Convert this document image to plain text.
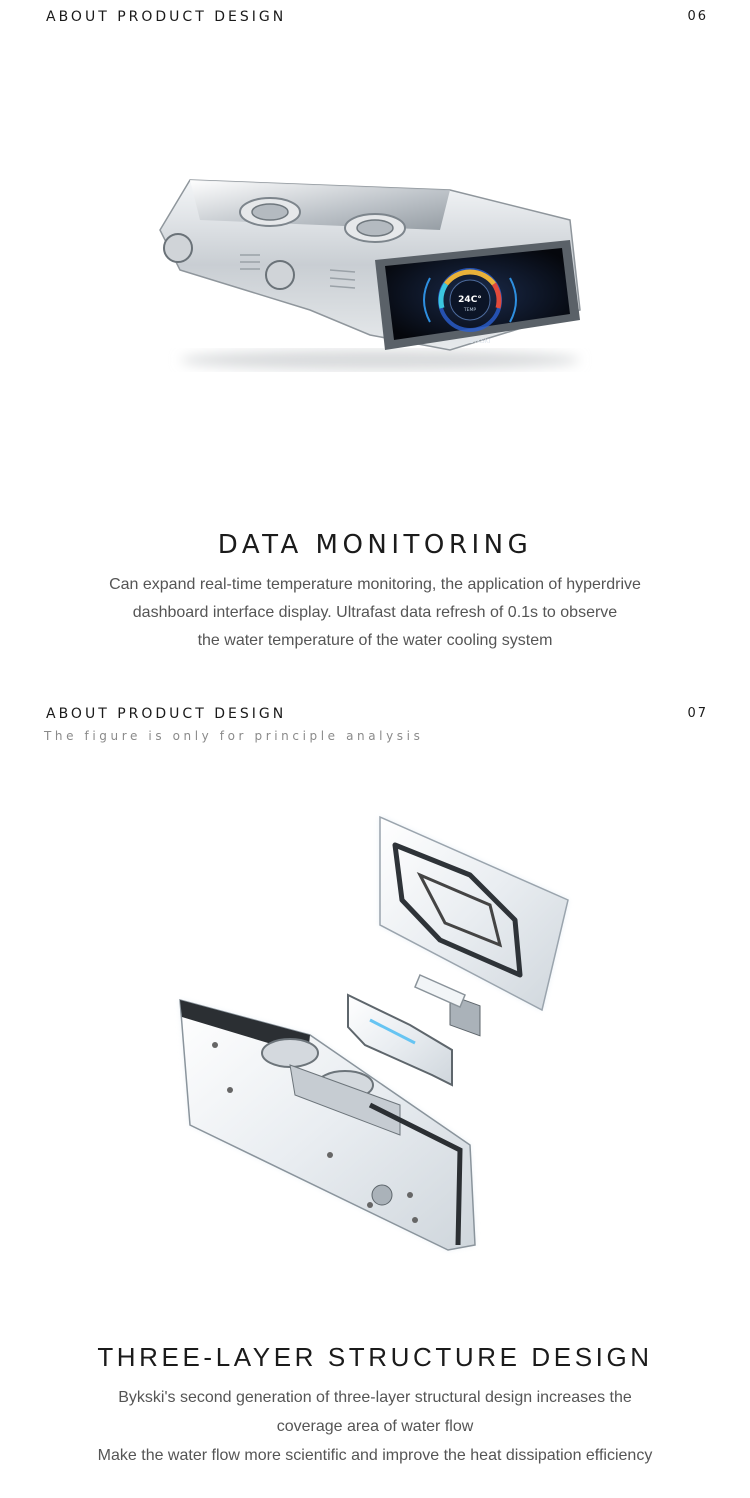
ABOUT PRODUCT DESIGN	06
24C°
TEMP
BYKSKI
DATA MONITORING

Can expand real-time temperature monitoring, the application of hyperdrive

dashboard interface display. Ultrafast data refresh of 0.1s to observe

the water temperature of the water cooling system

ABOUT PRODUCT DESIGN	07
The figure is only for principle analysis
THREE-LAYER STRUCTURE DESIGN

Bykski's second generation of three-layer structural design increases the

coverage area of water flow

Make the water flow more scientific and improve the heat dissipation efficiency
